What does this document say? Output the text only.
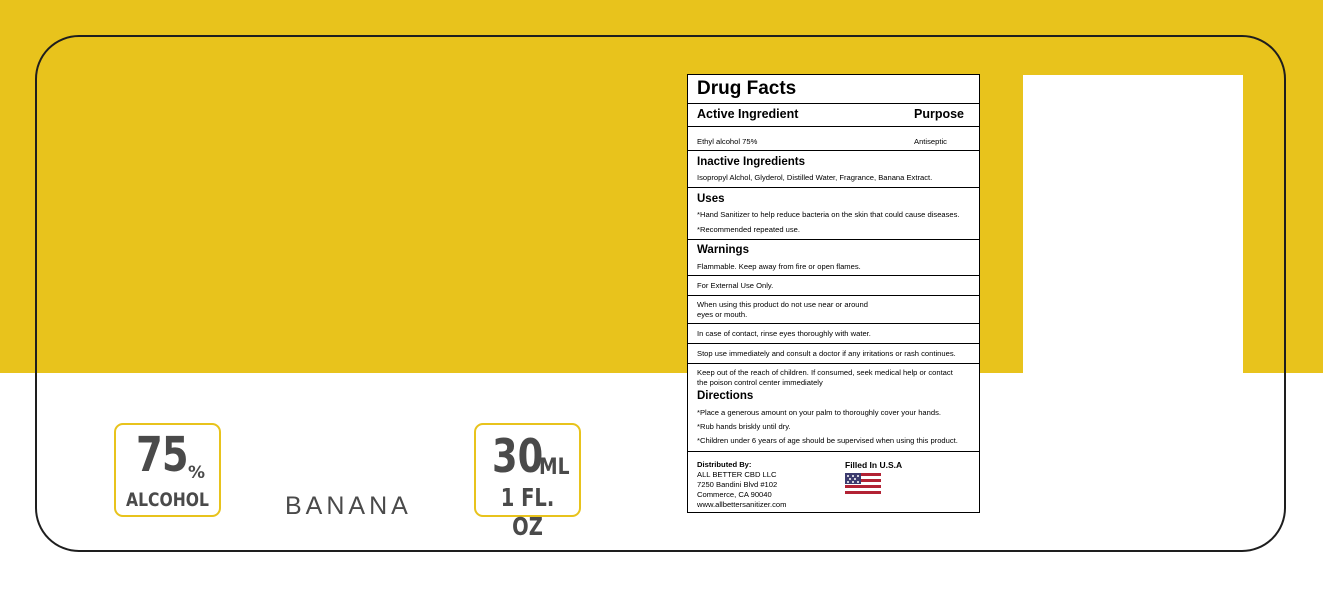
75 %
ALCOHOL	BANANA
30
ML
1 FL. OZ
Drug Facts
Active Ingredient	Purpose
Ethyl alcohol 75%	Antiseptic
Inactive Ingredients
Isopropyl Alchol, Glyderol, Distilled Water, Fragrance, Banana Extract.
Uses
*Hand Sanitizer to help reduce bacteria on the skin that could cause diseases.
*Recommended repeated use.
Warnings
Flammable. Keep away from fire or open flames.
For External Use Only.
When using this product do not use near or around
eyes or mouth.
In case of contact, rinse eyes thoroughly with water.
Stop use immediately and consult a doctor if any irritations or rash continues.
Keep out of the reach of children. If consumed, seek medical help or contact
the poison control center immediately
Directions
*Place a generous amount on your palm to thoroughly cover your hands.
*Rub hands briskly until dry.
*Children under 6 years of age should be supervised when using this product.
Distributed By:
ALL BETTER CBD LLC
7250 Bandini Blvd #102
Commerce, CA 90040
www.allbettersanitizer.com
Filled In U.S.A
